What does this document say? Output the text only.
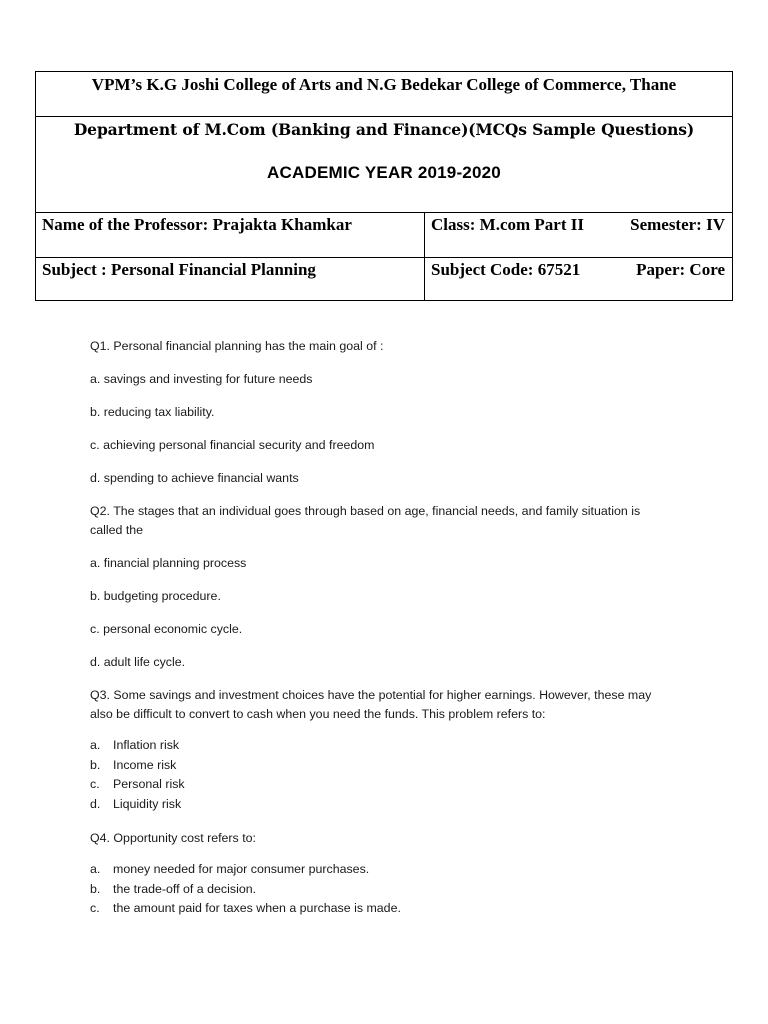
VPM’s K.G Joshi College of Arts and N.G Bedekar College of Commerce, Thane	

Department of M.Com (Banking and Finance)(MCQs Sample Questions)
ACADEMIC YEAR 2019-2020	

Name of the Professor: Prajakta Khamkar	Class: M.com Part II Semester: IV

Subject : Personal Financial Planning	Subject Code: 67521 Paper: Core

Q1. Personal financial planning has the main goal of :

a. savings and investing for future needs

b. reducing tax liability.

c. achieving personal financial security and freedom

d. spending to achieve financial wants

Q2. The stages that an individual goes through based on age, financial needs, and family situation is

called the

a. financial planning process

b. budgeting procedure.

c. personal economic cycle.

d. adult life cycle.

Q3. Some savings and investment choices have the potential for higher earnings. However, these may

also be difficult to convert to cash when you need the funds. This problem refers to:

a.	Inflation risk
b.	Income risk
c.	Personal risk
d.	Liquidity risk

Q4. Opportunity cost refers to:

a.	money needed for major consumer purchases.
b.	the trade-off of a decision.
c.	the amount paid for taxes when a purchase is made.
